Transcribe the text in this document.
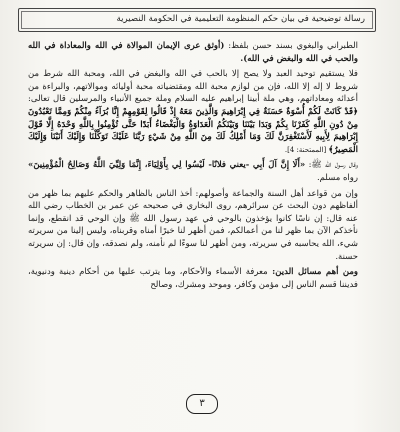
رسالة توضيحية في بيان حكم المنظومة التعليمية في الحكومة النصيرية

الطبراني والبغوي بسند حسن بلفظ: (أوثق عرى الإيمان الموالاة في الله والمعاداة في الله والحب في الله والبغض في الله).

فلا يستقيم توحيد العبد ولا يصح إلا بالحب في الله والبغض في الله، ومحبة الله شرط من شروط لا إله إلا الله، فإن من لوازم محبة الله ومقتضياته محبة أوليائه وموالاتهم، والبراءة من أعدائه ومعاداتهم، وهي ملة أبينا إبراهيم عليه السلام وملة جميع الأنبياء والمرسلين قال تعالى: ﴿قَدْ كَانَتْ لَكُمْ أُسْوَةٌ حَسَنَةٌ فِي إِبْرَاهِيمَ وَالَّذِينَ مَعَهُ إِذْ قَالُوا لِقَوْمِهِمْ إِنَّا بُرَآءُ مِنْكُمْ وَمِمَّا تَعْبُدُونَ مِنْ دُونِ اللَّهِ كَفَرْنَا بِكُمْ وَبَدَا بَيْنَنَا وَبَيْنَكُمُ الْعَدَاوَةُ وَالْبَغْضَاءُ أَبَدًا حَتَّى تُؤْمِنُوا بِاللَّهِ وَحْدَهُ إِلَّا قَوْلَ إِبْرَاهِيمَ لِأَبِيهِ لَأَسْتَغْفِرَنَّ لَكَ وَمَا أَمْلِكُ لَكَ مِنَ اللَّهِ مِنْ شَيْءٍ رَبَّنَا عَلَيْكَ تَوَكَّلْنَا وَإِلَيْكَ أَنَبْنَا وَإِلَيْكَ الْمَصِيرُ﴾ [الممتحنة: 4].

وقال رسول الله ﷺ: «أَلَا إِنَّ آلَ أَبِي -يعني فلانًا- لَيْسُوا لِي بِأَوْلِيَاءَ، إِنَّمَا وَلِيِّيَ اللَّهُ وَصَالِحُ الْمُؤْمِنِينَ» رواه مسلم.

وإن من قواعد أهل السنة والجماعة وأصولهم: أخذ الناس بالظاهر والحكم عليهم بما ظهر من ألفاظهم دون البحث عن سرائرهم، روى البخاري في صحيحه عن عمر بن الخطاب رضي الله عنه قال: إن ناسًا كانوا يؤخذون بالوحي في عهد رسول الله ﷺ وإن الوحي قد انقطع، وإنما نأخذكم الآن بما ظهر لنا من أعمالكم، فمن أظهر لنا خيرًا أمناه وقربناه، وليس إلينا من سريرته شيء، الله يحاسبه في سريرته، ومن أظهر لنا سوءًا لم نأمنه، ولم نصدقه، وإن قال: إن سريرته حسنة.

ومن أهم مسائل الدين: معرفة الأسماء والأحكام، وما يترتب عليها من أحكام دينية ودنيوية، فديننا قسم الناس إلى مؤمن وكافر، وموحد ومشرك، وصالح

٣
